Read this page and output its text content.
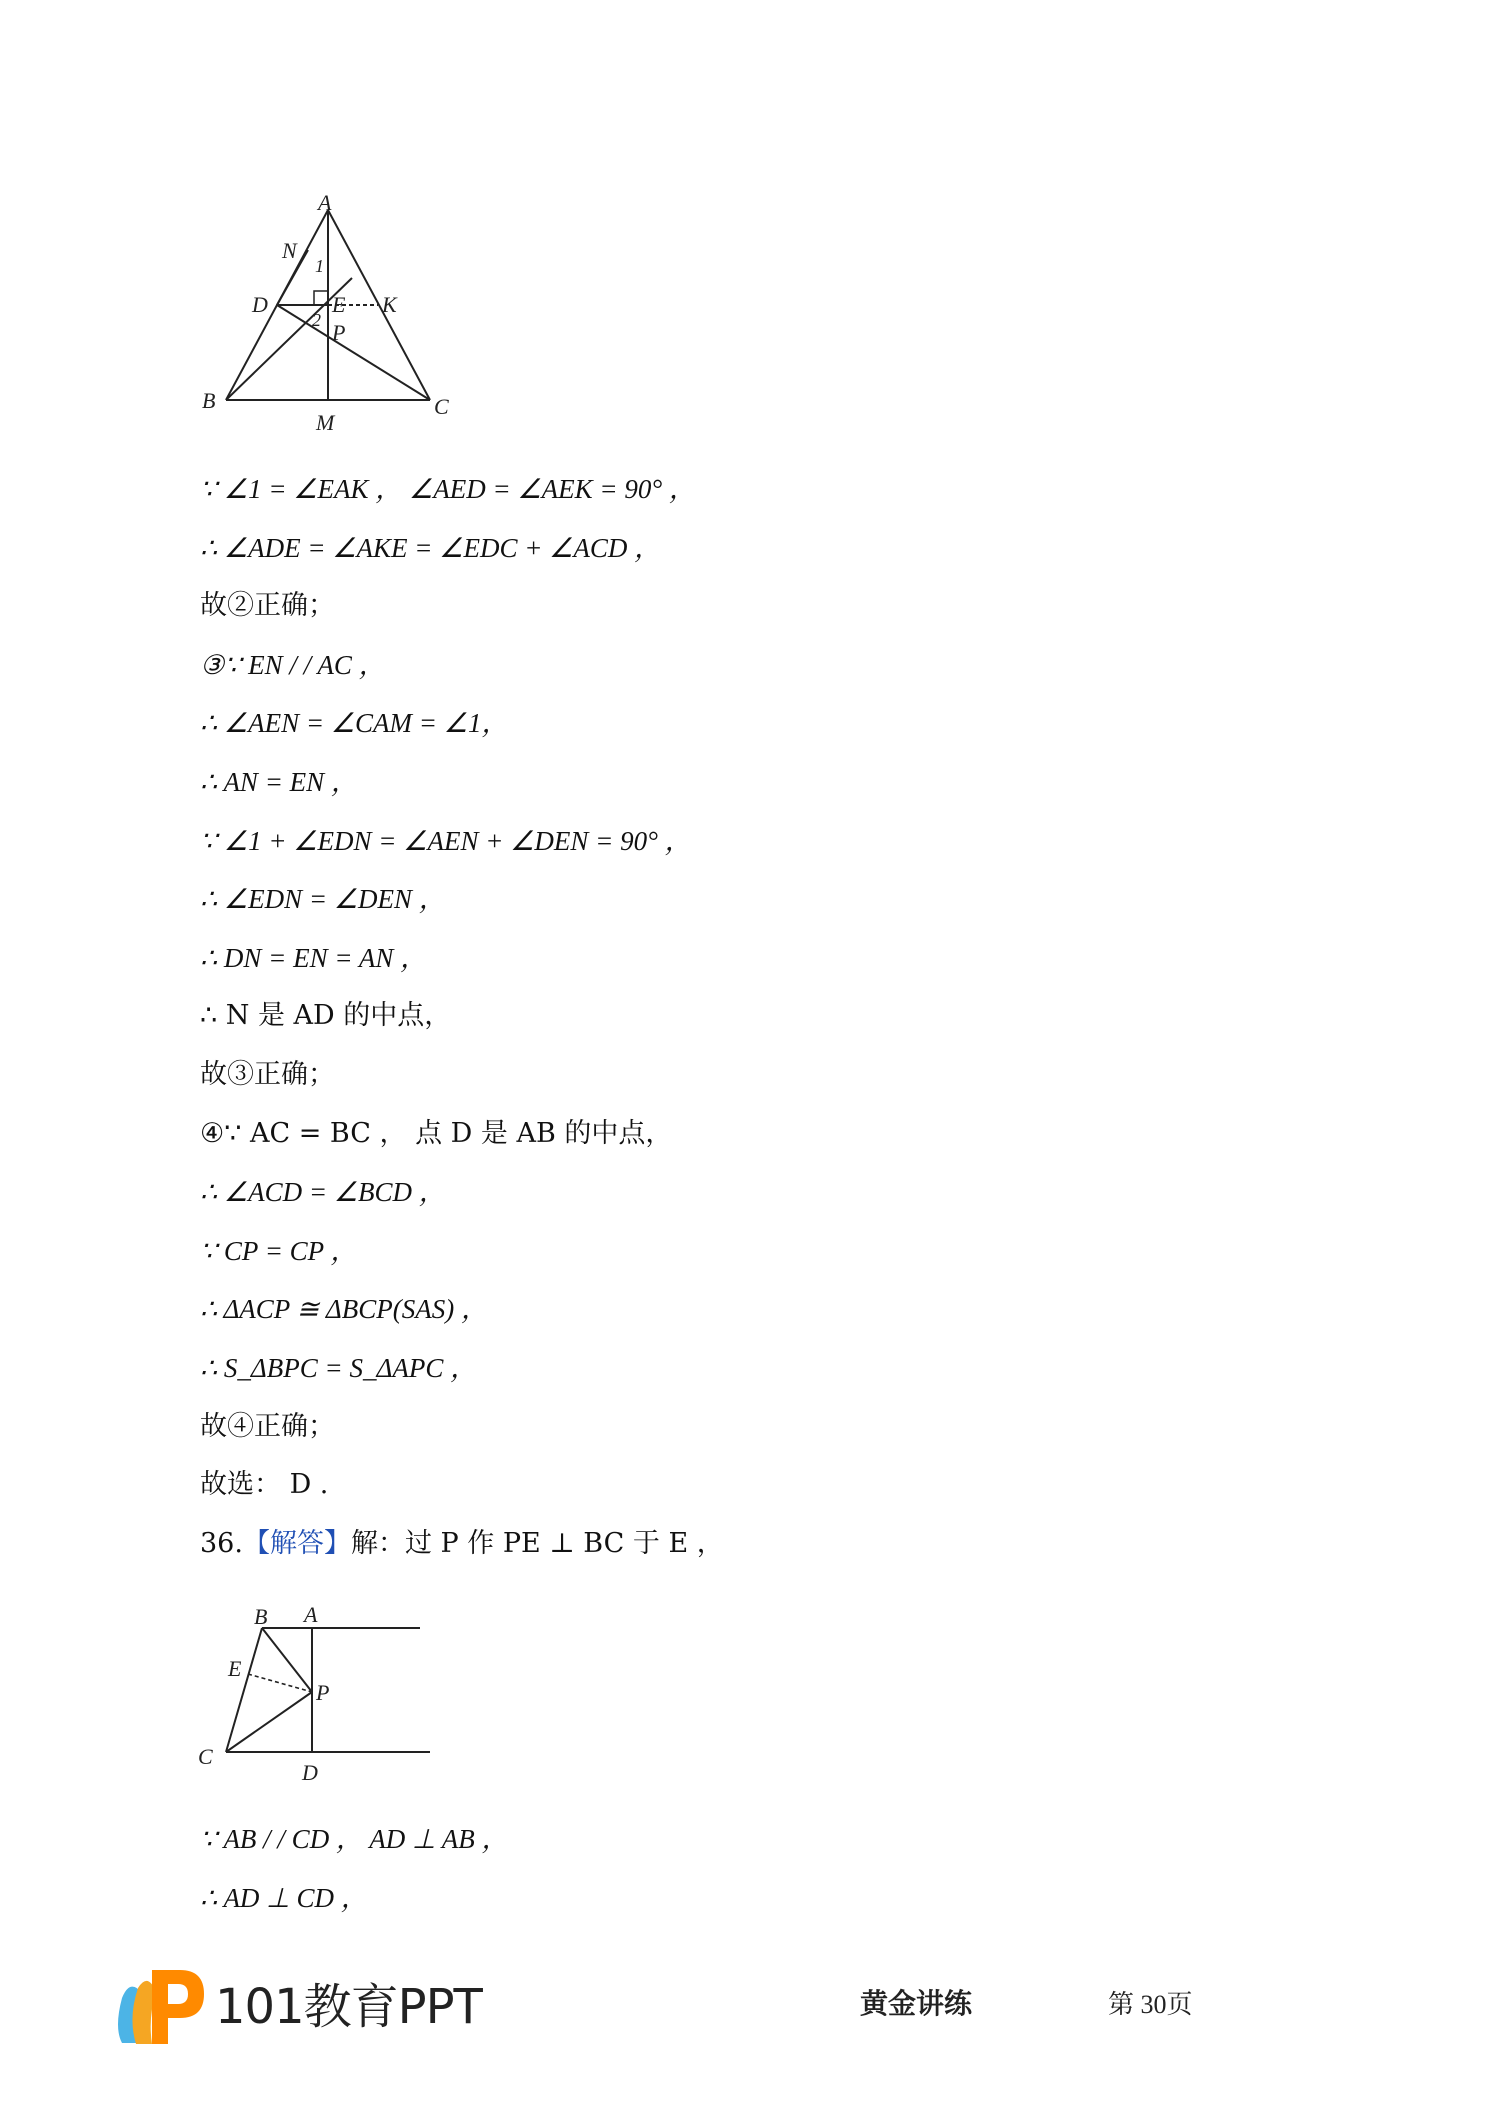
A
N
D	E K
P
B
M
C
1
2
∵ ∠1 = ∠EAK ， ∠AED = ∠AEK = 90° ，
∴ ∠ADE = ∠AKE = ∠EDC + ∠ACD ，
故②正确；
③∵ EN / / AC ，
∴ ∠AEN = ∠CAM = ∠1，
∴ AN = EN ，
∵ ∠1 + ∠EDN = ∠AEN + ∠DEN = 90° ，
∴ ∠EDN = ∠DEN ，
∴ DN = EN = AN ，
∴ N 是 AD 的中点，
故③正确；
④∵ AC = BC ， 点 D 是 AB 的中点，
∴ ∠ACD = ∠BCD ，
∵ CP = CP ，
∴ ΔACP ≅ ΔBCP(SAS) ，
∴ S_ΔBPC = S_ΔAPC ，
故④正确；
故选： D .
36.【解答】解：过 P 作 PE ⊥ BC 于 E ，
B A
E
P
C
D
∵ AB / / CD ， AD ⊥ AB ，
∴ AD ⊥ CD ，
101教育PPT	黄金讲练	第 30页
